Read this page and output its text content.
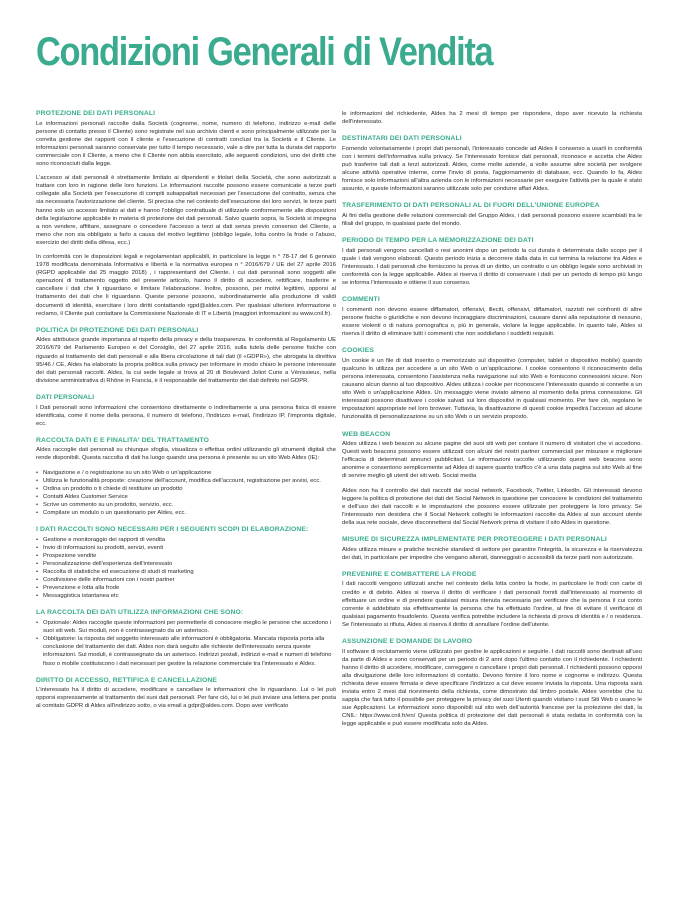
Condizioni Generali di Vendita
PROTEZIONE DEI DATI PERSONALI
Le informazioni personali raccolte dalla Società (cognome, nome, numero di telefono, indirizzo e-mail delle persone di contatto presso il Cliente) sono registrate nel suo archivio clienti e sono principalmente utilizzate per la corretta gestione dei rapporti con il cliente e l'esecuzione di contratti conclusi tra la Società e il Cliente. Le informazioni personali saranno conservate per tutto il tempo necessario, vale a dire per tutta la durata del rapporto commerciale con il Cliente, a meno che il Cliente non abbia esercitato, alle seguenti condizioni, uno dei diritti che sono riconosciuti dalla legge.
L'accesso ai dati personali è strettamente limitato ai dipendenti e titolari della Società, che sono autorizzati a trattare con loro in ragione delle loro funzioni. Le informazioni raccolte possono essere comunicate a terze parti collegate alla Società per l'esecuzione di compiti subappaltati necessari per l'esecuzione del contratto, senza che sia necessaria l'autorizzazione del cliente. Si precisa che nel contesto dell'esecuzione dei loro servizi, le terze parti hanno solo un accesso limitato ai dati e hanno l'obbligo contrattuale di utilizzarle conformemente alle disposizioni della legislazione applicabile in materia di protezione dei dati personali. Salvo quanto sopra, la Società si impegna a non vendere, affittare, assegnare o concedere l'accesso a terzi ai dati senza previo consenso del Cliente, a meno che non sia obbligato a farlo a causa del motivo legittimo (obbligo legale, lotta contro la frode o l'abuso, esercizio dei diritti della difesa, ecc.)
In conformità con le disposizioni legali e regolamentari applicabili, in particolare la legge n ° 78-17 del 6 gennaio 1978 modificata denominata Informativa e libertà e la normativa europea n ° 2016/679 / UE del 27 aprile 2016 (RGPD applicabile dal 25 maggio 2018) , i rappresentanti del Cliente. i cui dati personali sono soggetti alle operazioni di trattamento oggetto del presente articolo, hanno il diritto di accedere, rettificare, trasferire e cancellare i dati che li riguardano e limitare l'elaborazione. Inoltre, possono, per motivi legittimi, opporsi al trattamento dei dati che li riguardano. Queste persone possono, subordinatamente alla produzione di validi documenti di identità, esercitare i loro diritti contattando rgpd@aldes.com. Per qualsiasi ulteriore informazione o reclamo, il Cliente può contattare la Commissione Nazionale di IT e Libertà (maggiori informazioni su www.cnil.fr).
POLITICA DI PROTEZIONE DEI DATI PERSONALI
Aldes attribuisce grande importanza al rispetto della privacy e della trasparenza. In conformità al Regolamento UE 2016/679 del Parlamento Europeo e del Consiglio, del 27 aprile 2016, sulla tutela delle persone fisiche con riguardo al trattamento dei dati personali e alla libera circolazione di tali dati (il «GDPR»), che abrogata la direttiva 95/46 / CE, Aldes ha elaborato la propria politica sulla privacy per informare in modo chiaro le persone interessate dei dati personali raccolti. Aldes, la cui sede legale si trova al 20 di Boulevard Joliot Curie a Vénissieux, nella divisione amministrativa di Rhône in Francia, è il responsabile del trattamento dei dati definito nel GDPR.
DATI PERSONALI
I Dati personali sono informazioni che consentono direttamente o indirettamente a una persona fisica di essere identificata, come il nome della persona, il numero di telefono, l'indirizzo e-mail, l'indirizzo IP, l'impronta digitale, ecc.
RACCOLTA DATI E E FINALITA' DEL TRATTAMENTO
Aldes raccoglie dati personali su chiunque sfoglia, visualizza o effettua ordini utilizzando gli strumenti digitali che rende disponibili. Questa raccolta di dati ha luogo quando una persona è presente su un sito Web Aldes (IE):
• Navigazione e / o registrazione su un sito Web o un'applicazione
• Utilizza le funzionalità proposte: creazione dell'account, modifica dell'account, registrazione per avvisi, ecc.
• Ordina un prodotto o ti chiede di restituire un prodotto
• Contatti Aldes Customer Service
• Scrive un commento su un prodotto, servizio, ecc.
• Compilare un modulo o un questionario per Aldes, ecc.
I DATI RACCOLTI SONO NECESSARI PER I SEGUENTI SCOPI DI ELABORAZIONE:
• Gestione e monitoraggio dei rapporti di vendita
• Invio di informazioni su prodotti, servizi, eventi
• Prospezione vendite
• Personalizzazione dell'esperienza dell'interessato
• Raccolta di statistiche ed esecuzione di studi di marketing
• Condivisione delle informazioni con i nostri partner
• Prevenzione e lotta alla frode
• Messaggistica istantanea etc
LA RACCOLTA DEI DATI UTILIZZA INFORMAZIONI CHE SONO:
• Opzionale: Aldes raccoglie queste informazioni per permetterle di conoscere meglio le persone che accedono i suoi siti web. Sui moduli, non è contrassegnato da un asterisco.
• Obbligatorie: la risposta del soggetto interessato alle informazioni è obbligatoria. Mancata risposta porta alla conclusione del trattamento dei dati. Aldes non darà seguito alle richieste dell'interessato senza queste informazioni. Sui moduli, è contrassegnato da un asterisco. Indirizzi postali, indirizzi e-mail e numeri di telefono fisso o mobile costituiscono i dati necessari per gestire la relazione commerciale tra l'interessato e Aldes.
DIRITTO DI ACCESSO, RETTIFICA E CANCELLAZIONE
L'interessato ha il diritto di accedere, modificare e cancellare le informazioni che lo riguardano. Lui o lei può opporsi espressamente al trattamento dei suoi dati personali. Per fare ciò, lui o lei può inviare una lettera per posta al comitato GDPR di Aldes all'indirizzo sotto, o via email a gdpr@aldes.com. Dopo aver verificato
le informazioni del richiedente, Aldes ha 2 mesi di tempo per rispondere, dopo aver ricevuto la richiesta dell'interessato.
DESTINATARI DEI DATI PERSONALI
Fornendo volontariamente i propri dati personali, l'interessato concede ad Aldes il consenso a usarli in conformità con i termini dell'informativa sulla privacy. Se l'interessato fornisce dati personali, riconosce e accetta che Aldes può trasferire tali dati a terzi autorizzati. Aldes, come molte aziende, a volte assume altre società per svolgere alcune attività operative interne, come l'invio di posta, l'aggiornamento di database, ecc. Quando lo fa, Aldes fornisce solo informazioni all'altra azienda con le informazioni necessarie per eseguire l'attività per la quale è stato assunto, e queste informazioni saranno utilizzate solo per condurre affari Aldes.
TRASFERIMENTO DI DATI PERSONALI AL DI FUORI DELL'UNIONE EUROPEA
Ai fini della gestione delle relazioni commerciali del Gruppo Aldes, i dati personali possono essere scambiati tra le filiali del gruppo, in qualsiasi parte del mondo.
PERIODO DI TEMPO PER LA MEMORIZZAZIONE DEI DATI
I dati personali vengono cancellati o resi anonimi dopo un periodo la cui durata è determinata dallo scopo per il quale i dati vengono elaborati. Questo periodo inizia a decorrere dalla data in cui termina la relazione tra Aldes e l'interessato. I dati personali che forniscono la prova di un diritto, un contratto o un obbligo legale sono archiviati in conformità con la legge applicabile. Aldes si riserva il diritto di conservare i dati per un periodo di tempo più lungo se informa l'interessato e ottiene il suo consenso.
COMMENTI
I commenti non devono essere diffamatori, offensivi, illeciti, offensivi, diffamatori, razzisti nei confronti di altre persone fisiche o giuridiche e non devono incoraggiare discriminazioni, causare danni alla reputazione di nessuno, essere violenti o di natura pornografica o, più in generale, violare la legge applicabile. In quanto tale, Aldes si riserva il diritto di eliminare tutti i commenti che non soddisfano i suddetti requisiti.
COOKIES
Un cookie è un file di dati inserito o memorizzato sul dispositivo (computer, tablet o dispositivo mobile) quando qualcuno lo utilizza per accedere a un sito Web o un'applicazione. I cookie consentono il riconoscimento della persona interessata, consentono l'assistenza nella navigazione sul sito Web e forniscono connessioni sicure. Non causano alcun danno al tuo dispositivo. Aldes utilizza i cookie per riconoscere l'interessato quando si connette a un sito Web o un'applicazione Aldes. Un messaggio viene inviato almeno al momento della prima connessione. Gli interessati possono disattivare i cookie salvati sui loro dispositivi in qualsiasi momento. Per fare ciò, regolano le impostazioni appropriate nel loro browser. Tuttavia, la disattivazione di questi cookie impedirà l'accesso ad alcune funzionalità di personalizzazione su un sito Web o un servizio proposto.
WEB BEACON
Aldes utilizza i web beacon su alcune pagine dei suoi siti web per contare il numero di visitatori che vi accedono. Questi web beacons possono essere utilizzati con alcuni dei nostri partner commerciali per misurare e migliorare l'efficacia di determinati annunci pubblicitari. Le informazioni raccolte utilizzando questi web beacons sono anonime e consentono semplicemente ad Aldes di sapere quanto traffico c'è a una data pagina sul sito Web al fine di servire meglio gli utenti dei siti web. Social media
Aldes non ha il controllo dei dati raccolti dai social network, Facebook, Twitter, LinkedIn. Gli interessati devono leggere la politica di protezione dei dati dei Social Network in questione per conoscere le condizioni del trattamento e dell'uso dei dati raccolti e le impostazioni che possono essere utilizzate per proteggere la loro privacy. Se l'interessato non desidera che il Social Network colleghi le informazioni raccolte da Aldes al suo account utente della sua rete sociale, deve disconnettersi dal Social Network prima di visitare il sito Aldes in questione.
MISURE DI SICUREZZA IMPLEMENTATE PER PROTEGGERE I DATI PERSONALI
Aldes utilizza misure e pratiche tecniche standard di settore per garantire l'integrità, la sicurezza e la riservatezza dei dati, in particolare per impedire che vengano alterati, danneggiati o accessibili da terze parti non autorizzate.
PREVENIRE E COMBATTERE LA FRODE
I dati raccolti vengono utilizzati anche nel contesto della lotta contro la frode, in particolare le frodi con carte di credito e di debito. Aldes si riserva il diritto di verificare i dati personali forniti dall'interessato al momento di effettuare un ordine e di prendere qualsiasi misura ritenuta necessaria per verificare che la persona il cui conto corrente è addebitato sia effettivamente la persona che ha effettuato l'ordine, al fine di evitare il verificarsi di qualsiasi pagamento fraudolento. Questa verifica potrebbe includere la richiesta di prova di identità e / o residenza. Se l'interessato si rifiuta, Aldes si riserva il diritto di annullare l'ordine dell'utente.
ASSUNZIONE E DOMANDE DI LAVORO
Il software di reclutamento viene utilizzato per gestire le applicazioni e seguirle. I dati raccolti sono destinati all'uso da parte di Aldes e sono conservati per un periodo di 2 anni dopo l'ultimo contatto con il richiedente. I richiedenti hanno il diritto di accedere, modificare, correggere o cancellare i propri dati personali. I richiedenti possono opporsi alla divulgazione delle loro informazioni di contatto. Devono fornire il loro nome e cognome e indirizzo. Questa richiesta deve essere firmata e deve specificare l'indirizzo a cui deve essere inviata la risposta. Una risposta sarà inviata entro 2 mesi dal ricevimento della richiesta, come dimostrato dal timbro postale. Aldes vorrebbe che tu sappia che farà tutto il possibile per proteggere la privacy dei suoi Utenti quando visitano i suoi Siti Web o usano le sue Applicazioni. Le informazioni sono disponibili sul sito web dell'autorità francese per la protezione dei dati, la CNIL: https://www.cnil.fr/en/ Questa politica di protezione dei dati personali è stata redatta in conformità con la legge applicabile e può essere modificata solo da Aldes.
